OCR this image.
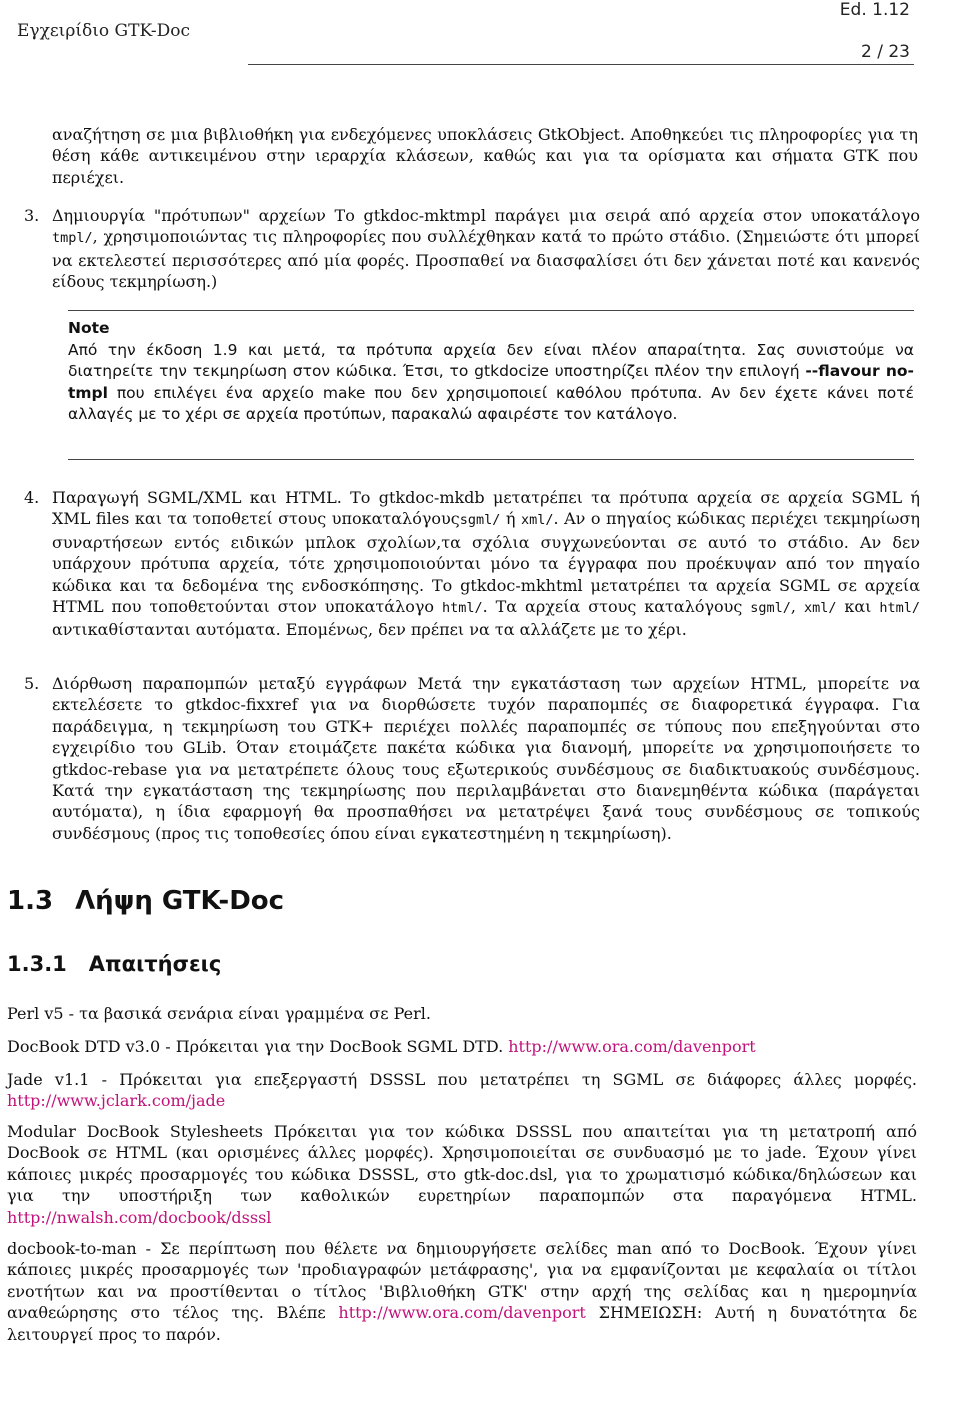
Ed. 1.12
Εγχειρίδιο GTK-Doc
2 / 23
αναζήτηση σε μια βιβλιοθήκη για ενδεχόμενες υποκλάσεις GtkObject. Αποθηκεύει τις πληροφορίες για τη θέση κάθε αντικειμένου στην ιεραρχία κλάσεων, καθώς και για τα ορίσματα και σήματα GTK που περιέχει.
3. Δημιουργία "πρότυπων" αρχείων Το gtkdoc-mktmpl παράγει μια σειρά από αρχεία στον υποκατάλογο tmpl/, χρησιμοποιώντας τις πληροφορίες που συλλέχθηκαν κατά το πρώτο στάδιο. (Σημειώστε ότι μπορεί να εκτελεστεί περισσότερες από μία φορές. Προσπαθεί να διασφαλίσει ότι δεν χάνεται ποτέ και κανενός είδους τεκμηρίωση.)
Note
Από την έκδοση 1.9 και μετά, τα πρότυπα αρχεία δεν είναι πλέον απαραίτητα. Σας συνιστούμε να διατηρείτε την τεκμηρίωση στον κώδικα. Έτσι, το gtkdocize υποστηρίζει πλέον την επιλογή --flavour no-tmpl που επιλέγει ένα αρχείο make που δεν χρησιμοποιεί καθόλου πρότυπα. Αν δεν έχετε κάνει ποτέ αλλαγές με το χέρι σε αρχεία προτύπων, παρακαλώ αφαιρέστε τον κατάλογο.
4. Παραγωγή SGML/XML και HTML. Το gtkdoc-mkdb μετατρέπει τα πρότυπα αρχεία σε αρχεία SGML ή XML files και τα τοποθετεί στους υποκαταλόγουςsgml/ ή xml/. Αν ο πηγαίος κώδικας περιέχει τεκμηρίωση συναρτήσεων εντός ειδικών μπλοκ σχολίων,τα σχόλια συγχωνεύονται σε αυτό το στάδιο. Αν δεν υπάρχουν πρότυπα αρχεία, τότε χρησιμοποιούνται μόνο τα έγγραφα που προέκυψαν από τον πηγαίο κώδικα και τα δεδομένα της ενδοσκόπησης. Το gtkdoc-mkhtml μετατρέπει τα αρχεία SGML σε αρχεία HTML που τοποθετούνται στον υποκατάλογο html/. Τα αρχεία στους καταλόγους sgml/, xml/ και html/ αντικαθίστανται αυτόματα. Επομένως, δεν πρέπει να τα αλλάζετε με το χέρι.
5. Διόρθωση παραπομπών μεταξύ εγγράφων Μετά την εγκατάσταση των αρχείων HTML, μπορείτε να εκτελέσετε το gtkdoc-fixxref για να διορθώσετε τυχόν παραπομπές σε διαφορετικά έγγραφα. Για παράδειγμα, η τεκμηρίωση του GTK+ περιέχει πολλές παραπομπές σε τύπους που επεξηγούνται στο εγχειρίδιο του GLib. Όταν ετοιμάζετε πακέτα κώδικα για διανομή, μπορείτε να χρησιμοποιήσετε το gtkdoc-rebase για να μετατρέπετε όλους τους εξωτερικούς συνδέσμους σε διαδικτυακούς συνδέσμους. Κατά την εγκατάσταση της τεκμηρίωσης που περιλαμβάνεται στο διανεμηθέντα κώδικα (παράγεται αυτόματα), η ίδια εφαρμογή θα προσπαθήσει να μετατρέψει ξανά τους συνδέσμους σε τοπικούς συνδέσμους (προς τις τοποθεσίες όπου είναι εγκατεστημένη η τεκμηρίωση).
1.3 Λήψη GTK-Doc
1.3.1 Απαιτήσεις
Perl v5 - τα βασικά σενάρια είναι γραμμένα σε Perl.
DocBook DTD v3.0 - Πρόκειται για την DocBook SGML DTD. http://www.ora.com/davenport
Jade v1.1 - Πρόκειται για επεξεργαστή DSSSL που μετατρέπει τη SGML σε διάφορες άλλες μορφές. http://www.jclark.com/jade
Modular DocBook Stylesheets Πρόκειται για τον κώδικα DSSSL που απαιτείται για τη μετατροπή από DocBook σε HTML (και ορισμένες άλλες μορφές). Χρησιμοποιείται σε συνδυασμό με το jade. Έχουν γίνει κάποιες μικρές προσαρμογές του κώδικα DSSSL, στο gtk-doc.dsl, για το χρωματισμό κώδικα/δηλώσεων και για την υποστήριξη των καθολικών ευρετηρίων παραπομπών στα παραγόμενα HTML. http://nwalsh.com/docbook/dsssl
docbook-to-man - Σε περίπτωση που θέλετε να δημιουργήσετε σελίδες man από το DocBook. Έχουν γίνει κάποιες μικρές προσαρμογές των 'προδιαγραφών μετάφρασης', για να εμφανίζονται με κεφαλαία οι τίτλοι ενοτήτων και να προστίθενται ο τίτλος 'Βιβλιοθήκη GTK' στην αρχή της σελίδας και η ημερομηνία αναθεώρησης στο τέλος της. Βλέπε http://www.ora.com/davenport ΣΗΜΕΙΩΣΗ: Αυτή η δυνατότητα δε λειτουργεί προς το παρόν.
